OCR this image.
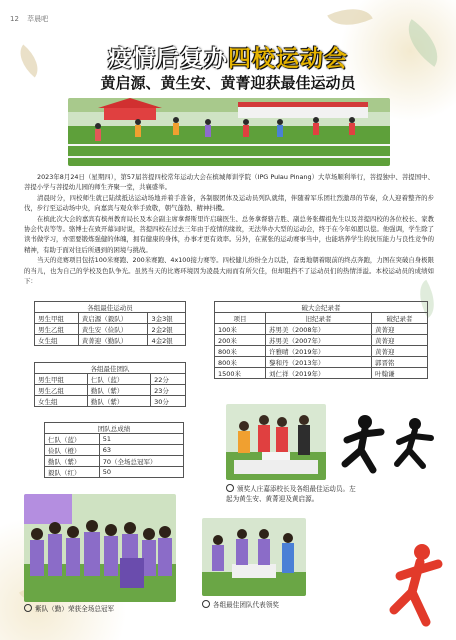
12 萃晨吧
疫情后复办四校运动会
黄启源、黄生安、黄菁迎获最佳运动员

2023年8月24日（星期四），第57届菩提四校常年运动大会在槟城师训学院（IPG Pulau Pinang）大草场顺利举行，菩提独中、菩提国中、菩提小学与菩提幼儿园的师生齐聚一堂，共襄盛举。

清晨时分，四校师生就已陆续抵达运动场地并着手准备，各制服团体及运动员列队就绪，伴随着军乐团壮烈激昂的节奏，众人迎着整齐的步伐，步行至运动场中央，向嘉宾与观众举手致敬，朝气蓬勃、精神抖擞。

在槟此次大会的嘉宾有槟州教育局长及本会副主席拿督斯里许启瑞医生、总务拿督骆吉胜、副总务张耀祖先生以及菩提四校的各位校长、家教协会代表等等。骆博士在致开幕词时说，菩提四校在过去三年由于疫情的缘故，无法举办大型的运动会，终于在今年如愿以偿。他强调，学生除了读书做学习，亦需要锻炼强健的体魄，拥有健康的身体，办事才更有效率。另外，在紧张的运动赛事当中，也能培养学生的抗压能力与良性竞争的精神，有助于面对往后所遇到的困境与挑战。

当天的竞赛项目包括100米赛跑、200米赛跑、4x100接力赛等。四校健儿纷纷全力以赴，奋勇地朝着眼前的终点奔跑，力图在突破自身极限的当儿，也为自己的学校及色队争光。虽然当天的比赛环境因为凌晨大雨而有所欠佳，但却阻挡不了运动员们的热情洋溢。本校运动员的成绩如下：

各组最佳运动员		
男生甲组	黄启源（毅队）	3金3银
男生乙组	黄生安（俭队）	2金2银
女生组	黄菁迎（勤队）	4金2银
各组最佳团队		
男生甲组	仁队（蓝）	22分
男生乙组	勤队（紫）	23分
女生组	勤队（紫）	30分
团队总成绩	
仁队（蓝）	51
俭队（橙）	63
勤队（紫）	70（全场总冠军）
毅队（红）	50
破大会纪录者		
项目	旧纪录者	破纪录者
100米	苏男美（2008年）	黄菁迎
200米	苏男美（2007年）	黄菁迎
800米	许雅晴（2019年）	黄菁迎
800米	黎和丹（2013年）	郭晋铭
1500米	刘仁祥（2019年）	叶翰谦
颁奖人庄嘉添校长及各组最佳运动员。左起为黄生安、黄菁迎及黄启源。
紫队（勤）荣获全场总冠军	各组最佳团队代表领奖
